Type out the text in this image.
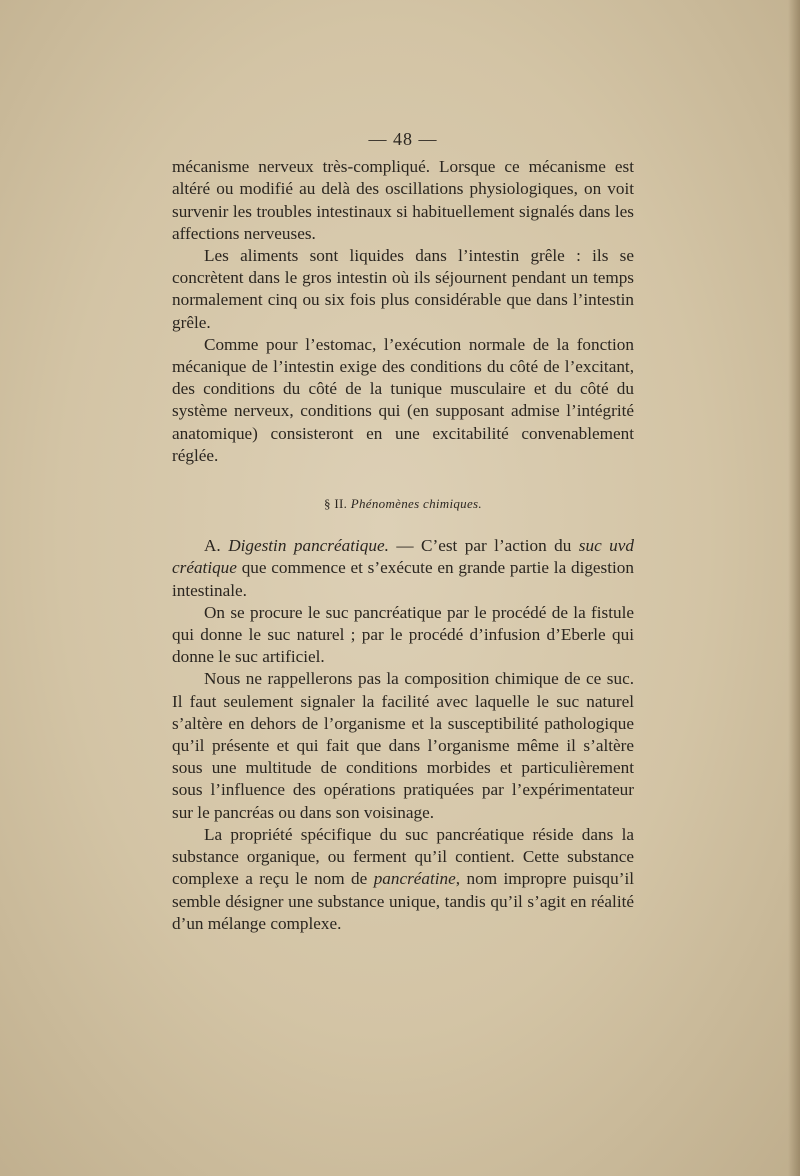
— 48 —

mécanisme nerveux très-compliqué. Lorsque ce mécanisme est altéré ou modifié au delà des oscillations physiologiques, on voit survenir les troubles intestinaux si habituellement signalés dans les affections nerveuses.

Les aliments sont liquides dans l’intestin grêle : ils se concrètent dans le gros intestin où ils séjournent pendant un temps normalement cinq ou six fois plus considérable que dans l’intestin grêle.

Comme pour l’estomac, l’exécution normale de la fonction mécanique de l’intestin exige des conditions du côté de l’excitant, des conditions du côté de la tunique musculaire et du côté du système nerveux, conditions qui (en supposant admise l’intégrité anatomique) consisteront en une excitabilité convenablement réglée.

§ II. Phénomènes chimiques.

A. Digestin pancréatique. — C’est par l’action du suc uvd créatique que commence et s’exécute en grande partie la digestion intestinale.

On se procure le suc pancréatique par le procédé de la fistule qui donne le suc naturel ; par le procédé d’infusion d’Eberle qui donne le suc artificiel.

Nous ne rappellerons pas la composition chimique de ce suc. Il faut seulement signaler la facilité avec laquelle le suc naturel s’altère en dehors de l’organisme et la susceptibilité pathologique qu’il présente et qui fait que dans l’organisme même il s’altère sous une multitude de conditions morbides et particulièrement sous l’influence des opérations pratiquées par l’expérimentateur sur le pancréas ou dans son voisinage.

La propriété spécifique du suc pancréatique réside dans la substance organique, ou ferment qu’il contient. Cette substance complexe a reçu le nom de pancréatine, nom impropre puisqu’il semble désigner une substance unique, tandis qu’il s’agit en réalité d’un mélange complexe.
